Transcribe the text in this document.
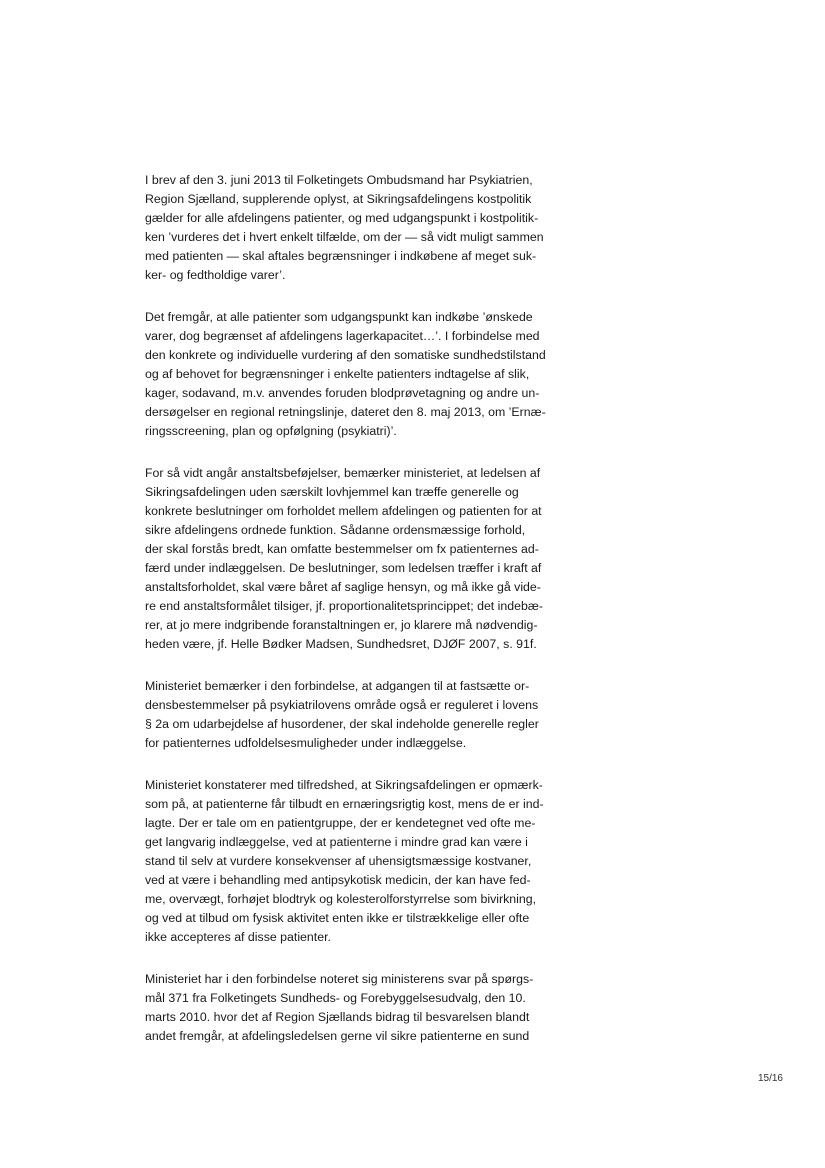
I brev af den 3. juni 2013 til Folketingets Ombudsmand har Psykiatrien,
Region Sjælland, supplerende oplyst, at Sikringsafdelingens kostpolitik
gælder for alle afdelingens patienter, og med udgangspunkt i kostpolitik-
ken ’vurderes det i hvert enkelt tilfælde, om der — så vidt muligt sammen
med patienten — skal aftales begrænsninger i indkøbene af meget suk-
ker- og fedtholdige varer’.

Det fremgår, at alle patienter som udgangspunkt kan indkøbe ’ønskede
varer, dog begrænset af afdelingens lagerkapacitet…’. I forbindelse med
den konkrete og individuelle vurdering af den somatiske sundhedstilstand
og af behovet for begrænsninger i enkelte patienters indtagelse af slik,
kager, sodavand, m.v. anvendes foruden blodprøvetagning og andre un-
dersøgelser en regional retningslinje, dateret den 8. maj 2013, om ’Ernæ-
ringsscreening, plan og opfølgning (psykiatri)’.

For så vidt angår anstaltsbeføjelser, bemærker ministeriet, at ledelsen af
Sikringsafdelingen uden særskilt lovhjemmel kan træffe generelle og
konkrete beslutninger om forholdet mellem afdelingen og patienten for at
sikre afdelingens ordnede funktion. Sådanne ordensmæssige forhold,
der skal forstås bredt, kan omfatte bestemmelser om fx patienternes ad-
færd under indlæggelsen. De beslutninger, som ledelsen træffer i kraft af
anstaltsforholdet, skal være båret af saglige hensyn, og må ikke gå vide-
re end anstaltsformålet tilsiger, jf. proportionalitetsprincippet; det indebæ-
rer, at jo mere indgribende foranstaltningen er, jo klarere må nødvendig-
heden være, jf. Helle Bødker Madsen, Sundhedsret, DJØF 2007, s. 91f.

Ministeriet bemærker i den forbindelse, at adgangen til at fastsætte or-
densbestemmelser på psykiatrilovens område også er reguleret i lovens
§ 2a om udarbejdelse af husordener, der skal indeholde generelle regler
for patienternes udfoldelsesmuligheder under indlæggelse.

Ministeriet konstaterer med tilfredshed, at Sikringsafdelingen er opmærk-
som på, at patienterne får tilbudt en ernæringsrigtig kost, mens de er ind-
lagte. Der er tale om en patientgruppe, der er kendetegnet ved ofte me-
get langvarig indlæggelse, ved at patienterne i mindre grad kan være i
stand til selv at vurdere konsekvenser af uhensigtsmæssige kostvaner,
ved at være i behandling med antipsykotisk medicin, der kan have fed-
me, overvægt, forhøjet blodtryk og kolesterolforstyrrelse som bivirkning,
og ved at tilbud om fysisk aktivitet enten ikke er tilstrækkelige eller ofte
ikke accepteres af disse patienter.

Ministeriet har i den forbindelse noteret sig ministerens svar på spørgs-
mål 371 fra Folketingets Sundheds- og Forebyggelsesudvalg, den 10.
marts 2010. hvor det af Region Sjællands bidrag til besvarelsen blandt
andet fremgår, at afdelingsledelsen gerne vil sikre patienterne en sund

15/16
